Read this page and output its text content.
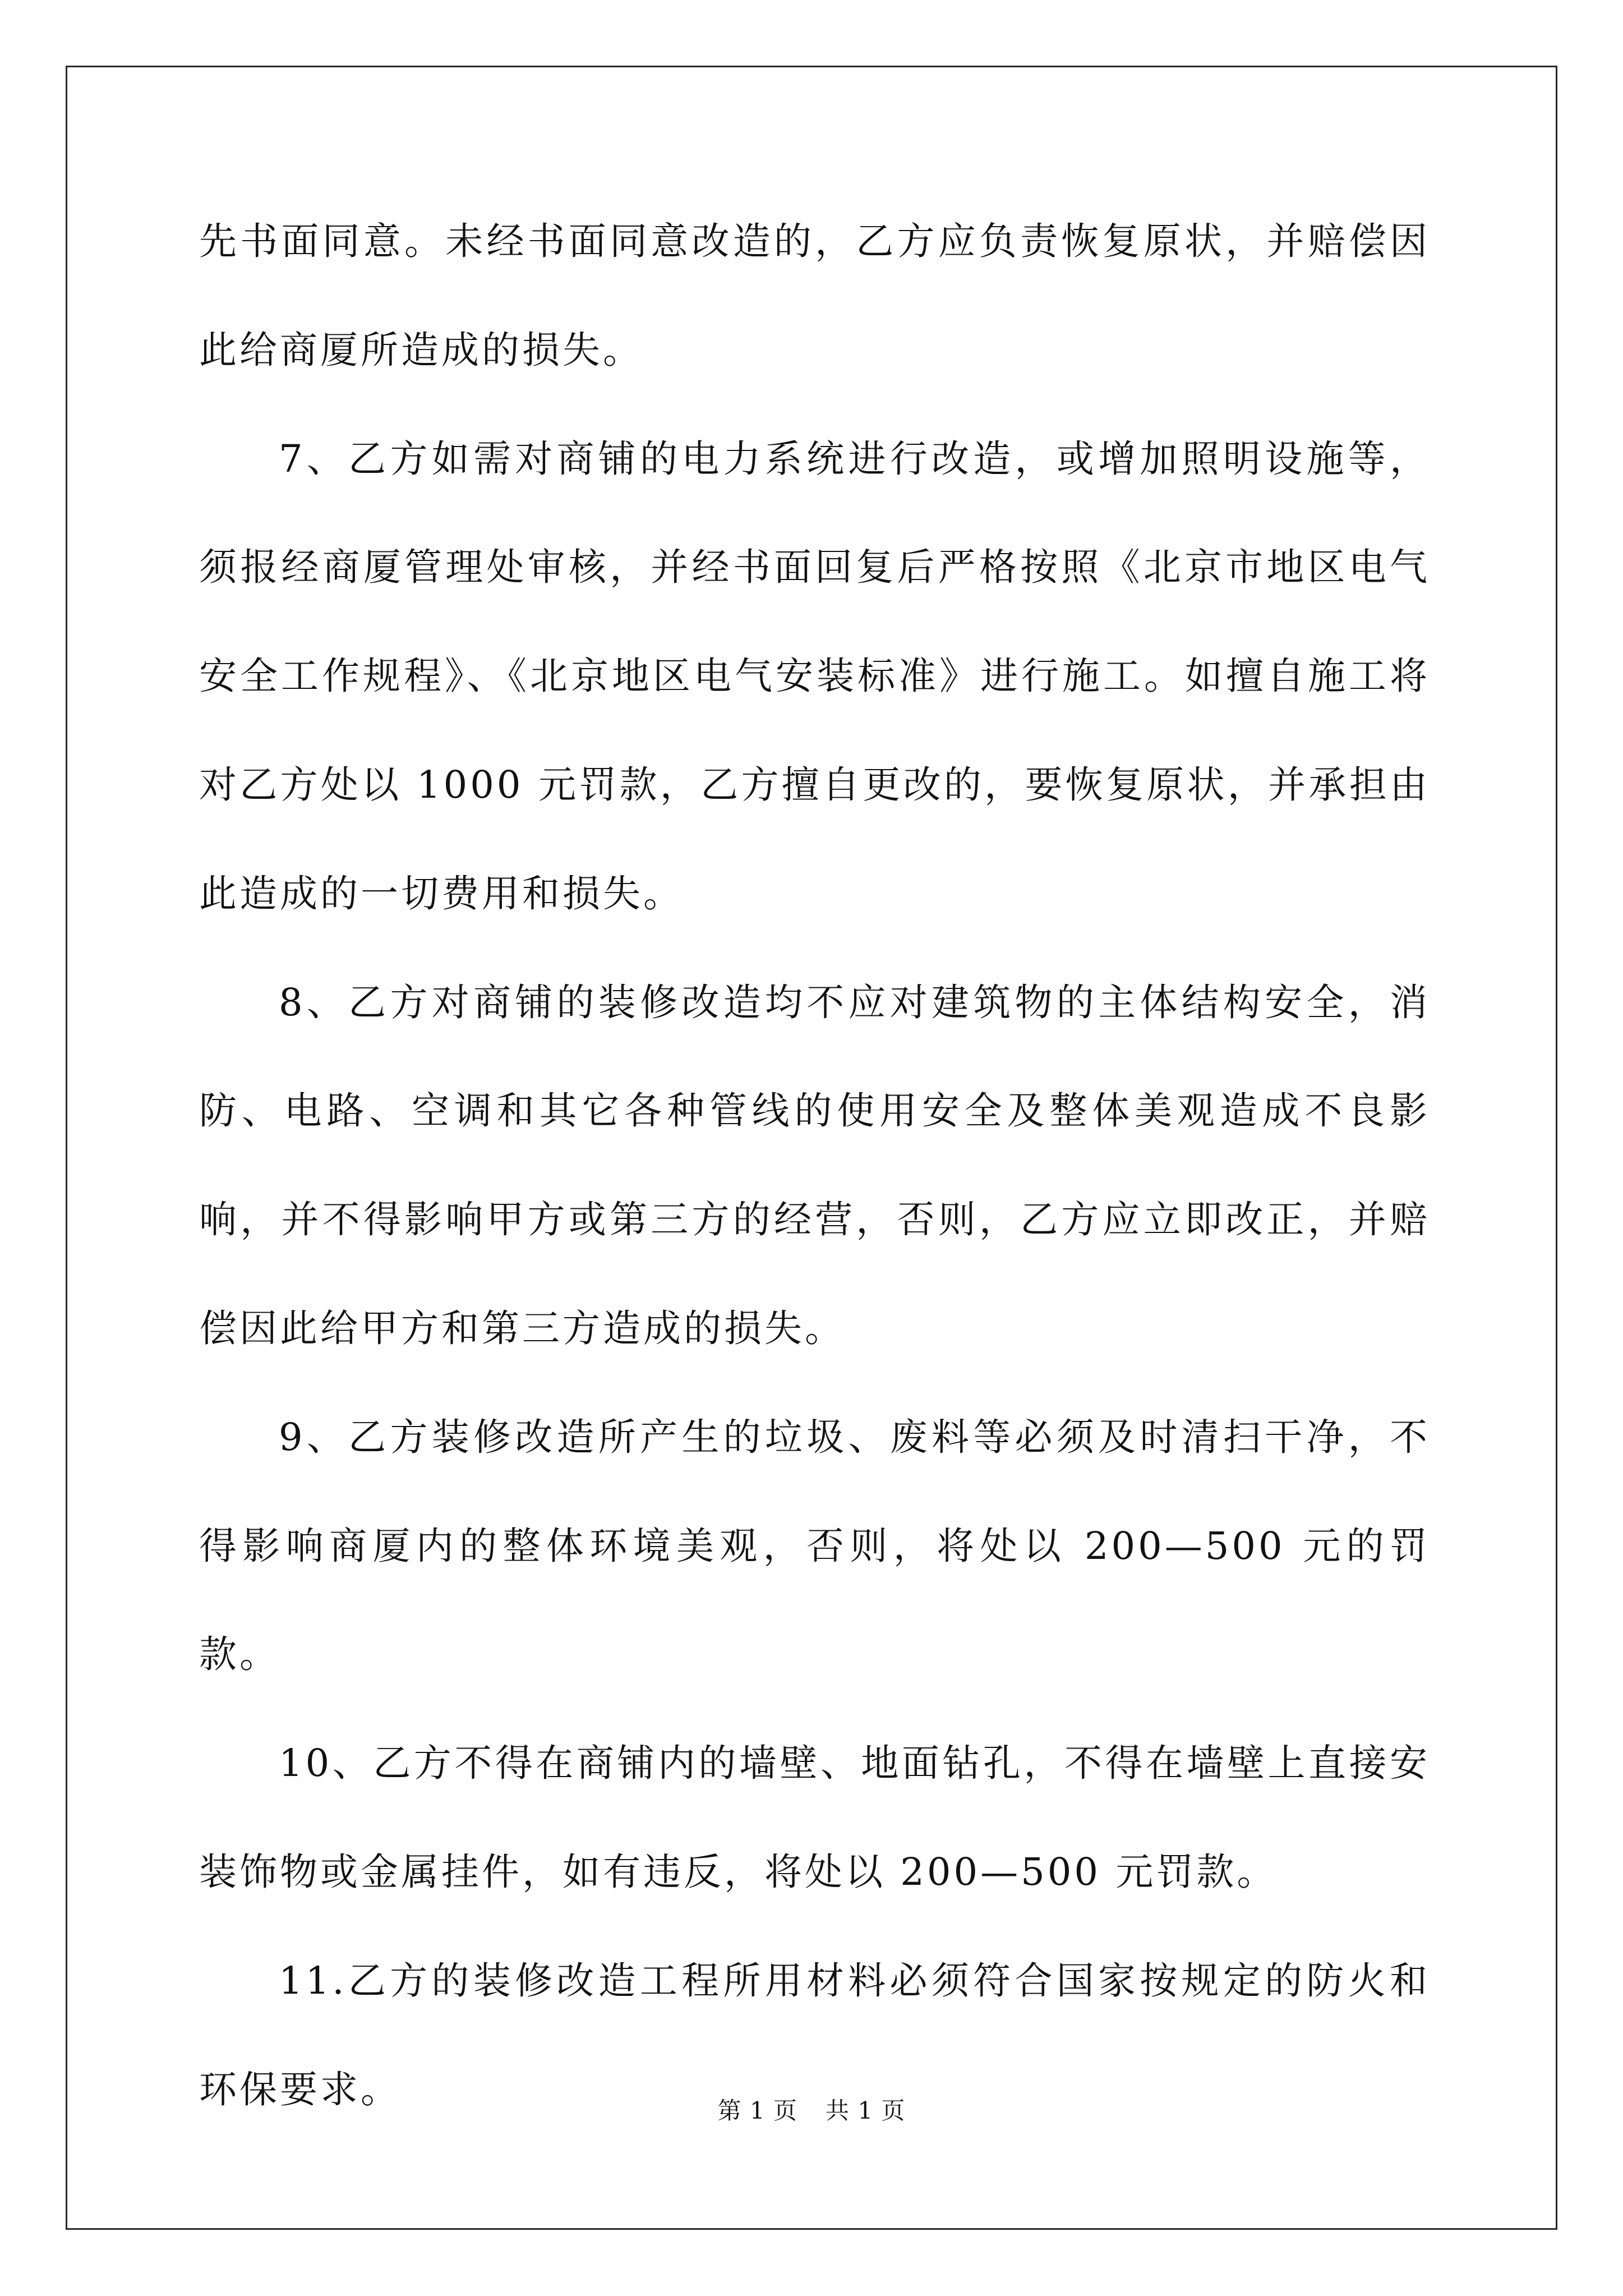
先书面同意。未经书面同意改造的，乙方应负责恢复原状，并赔偿因此给商厦所造成的损失。

7、乙方如需对商铺的电力系统进行改造，或增加照明设施等，须报经商厦管理处审核，并经书面回复后严格按照《北京市地区电气安全工作规程》、《北京地区电气安装标准》进行施工。如擅自施工将对乙方处以 1000 元罚款，乙方擅自更改的，要恢复原状，并承担由此造成的一切费用和损失。

8、乙方对商铺的装修改造均不应对建筑物的主体结构安全，消防、电路、空调和其它各种管线的使用安全及整体美观造成不良影响，并不得影响甲方或第三方的经营，否则，乙方应立即改正，并赔偿因此给甲方和第三方造成的损失。

9、乙方装修改造所产生的垃圾、废料等必须及时清扫干净，不得影响商厦内的整体环境美观，否则，将处以 200—500 元的罚款。

10、乙方不得在商铺内的墙壁、地面钻孔，不得在墙壁上直接安装饰物或金属挂件，如有违反，将处以 200—500 元罚款。

11.乙方的装修改造工程所用材料必须符合国家按规定的防火和环保要求。	第 1 页 共 1 页
